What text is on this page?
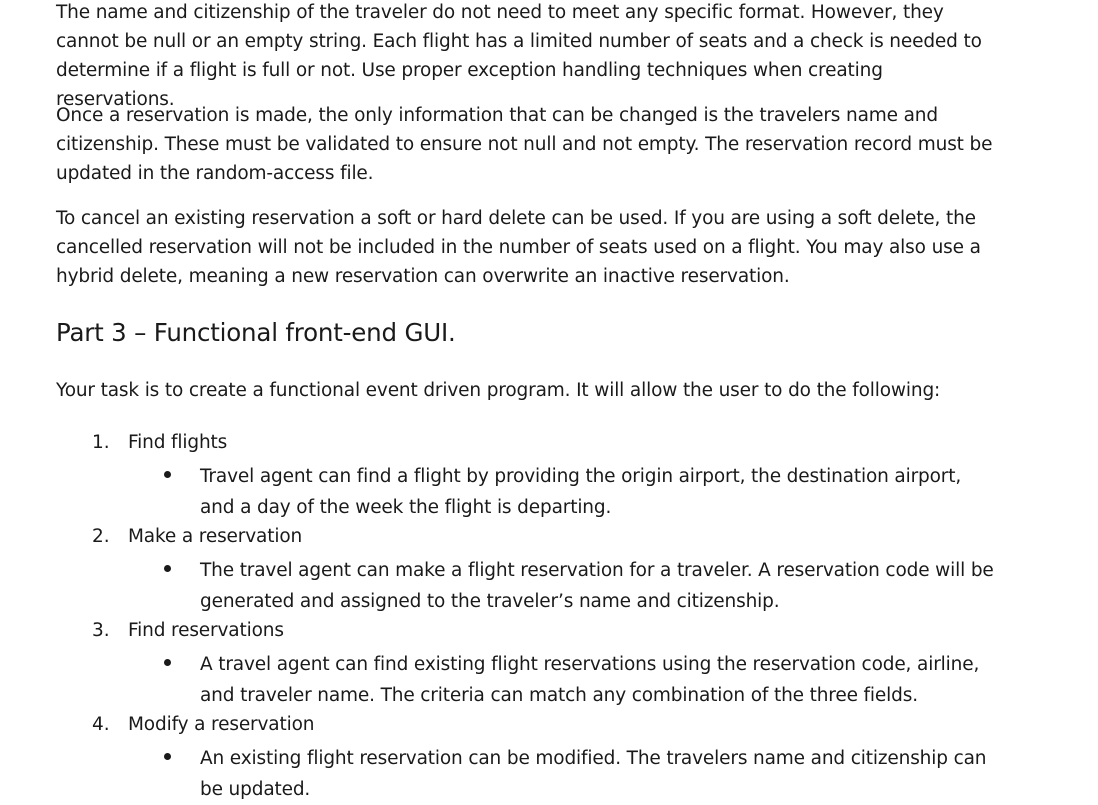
The name and citizenship of the traveler do not need to meet any specific format. However, they cannot be null or an empty string. Each flight has a limited number of seats and a check is needed to determine if a flight is full or not. Use proper exception handling techniques when creating reservations.

Once a reservation is made, the only information that can be changed is the travelers name and citizenship. These must be validated to ensure not null and not empty. The reservation record must be updated in the random-access file.

To cancel an existing reservation a soft or hard delete can be used. If you are using a soft delete, the cancelled reservation will not be included in the number of seats used on a flight. You may also use a hybrid delete, meaning a new reservation can overwrite an inactive reservation.

Part 3 – Functional front-end GUI.

Your task is to create a functional event driven program. It will allow the user to do the following:

1. Find flights
Travel agent can find a flight by providing the origin airport, the destination airport, and a day of the week the flight is departing.
2. Make a reservation
The travel agent can make a flight reservation for a traveler. A reservation code will be generated and assigned to the traveler’s name and citizenship.
3. Find reservations
A travel agent can find existing flight reservations using the reservation code, airline, and traveler name. The criteria can match any combination of the three fields.
4. Modify a reservation
An existing flight reservation can be modified. The travelers name and citizenship can be updated.
